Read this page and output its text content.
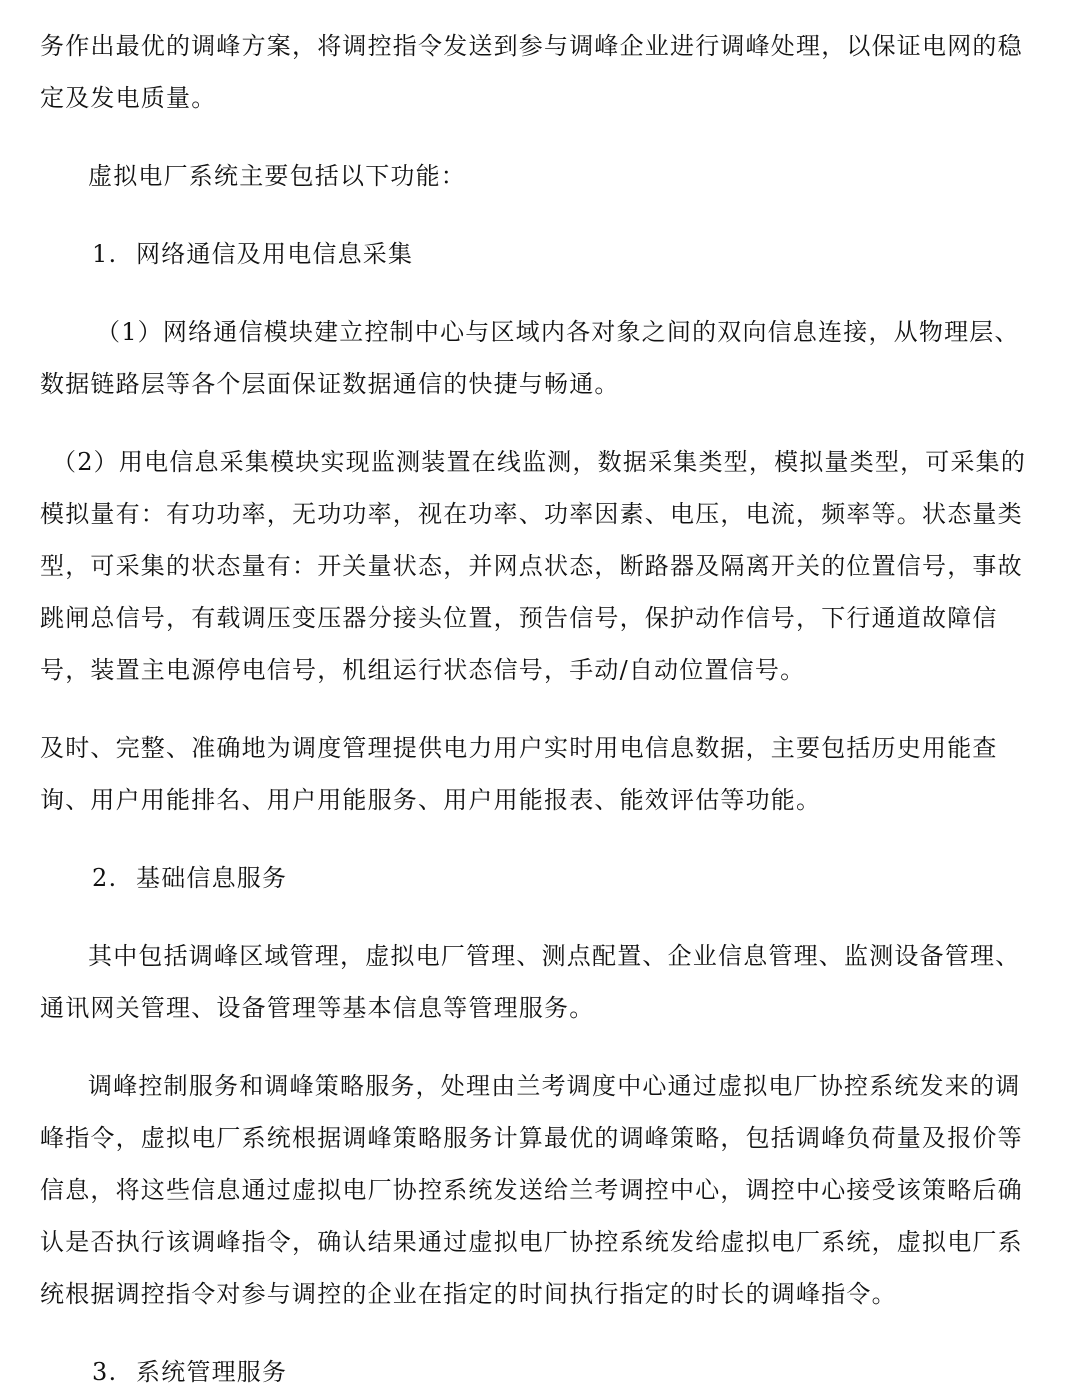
务作出最优的调峰方案，将调控指令发送到参与调峰企业进行调峰处理，以保证电网的稳定及发电质量。

虚拟电厂系统主要包括以下功能：

1. 网络通信及用电信息采集

（1）网络通信模块建立控制中心与区域内各对象之间的双向信息连接，从物理层、数据链路层等各个层面保证数据通信的快捷与畅通。

（2）用电信息采集模块实现监测装置在线监测，数据采集类型，模拟量类型，可采集的模拟量有：有功功率，无功功率，视在功率、功率因素、电压，电流，频率等。状态量类型，可采集的状态量有：开关量状态，并网点状态，断路器及隔离开关的位置信号，事故跳闸总信号，有载调压变压器分接头位置，预告信号，保护动作信号，下行通道故障信号，装置主电源停电信号，机组运行状态信号，手动/自动位置信号。

及时、完整、准确地为调度管理提供电力用户实时用电信息数据，主要包括历史用能查询、用户用能排名、用户用能服务、用户用能报表、能效评估等功能。

2. 基础信息服务

其中包括调峰区域管理，虚拟电厂管理、测点配置、企业信息管理、监测设备管理、通讯网关管理、设备管理等基本信息等管理服务。

调峰控制服务和调峰策略服务，处理由兰考调度中心通过虚拟电厂协控系统发来的调峰指令，虚拟电厂系统根据调峰策略服务计算最优的调峰策略，包括调峰负荷量及报价等信息，将这些信息通过虚拟电厂协控系统发送给兰考调控中心，调控中心接受该策略后确认是否执行该调峰指令，确认结果通过虚拟电厂协控系统发给虚拟电厂系统，虚拟电厂系统根据调控指令对参与调控的企业在指定的时间执行指定的时长的调峰指令。

3. 系统管理服务
